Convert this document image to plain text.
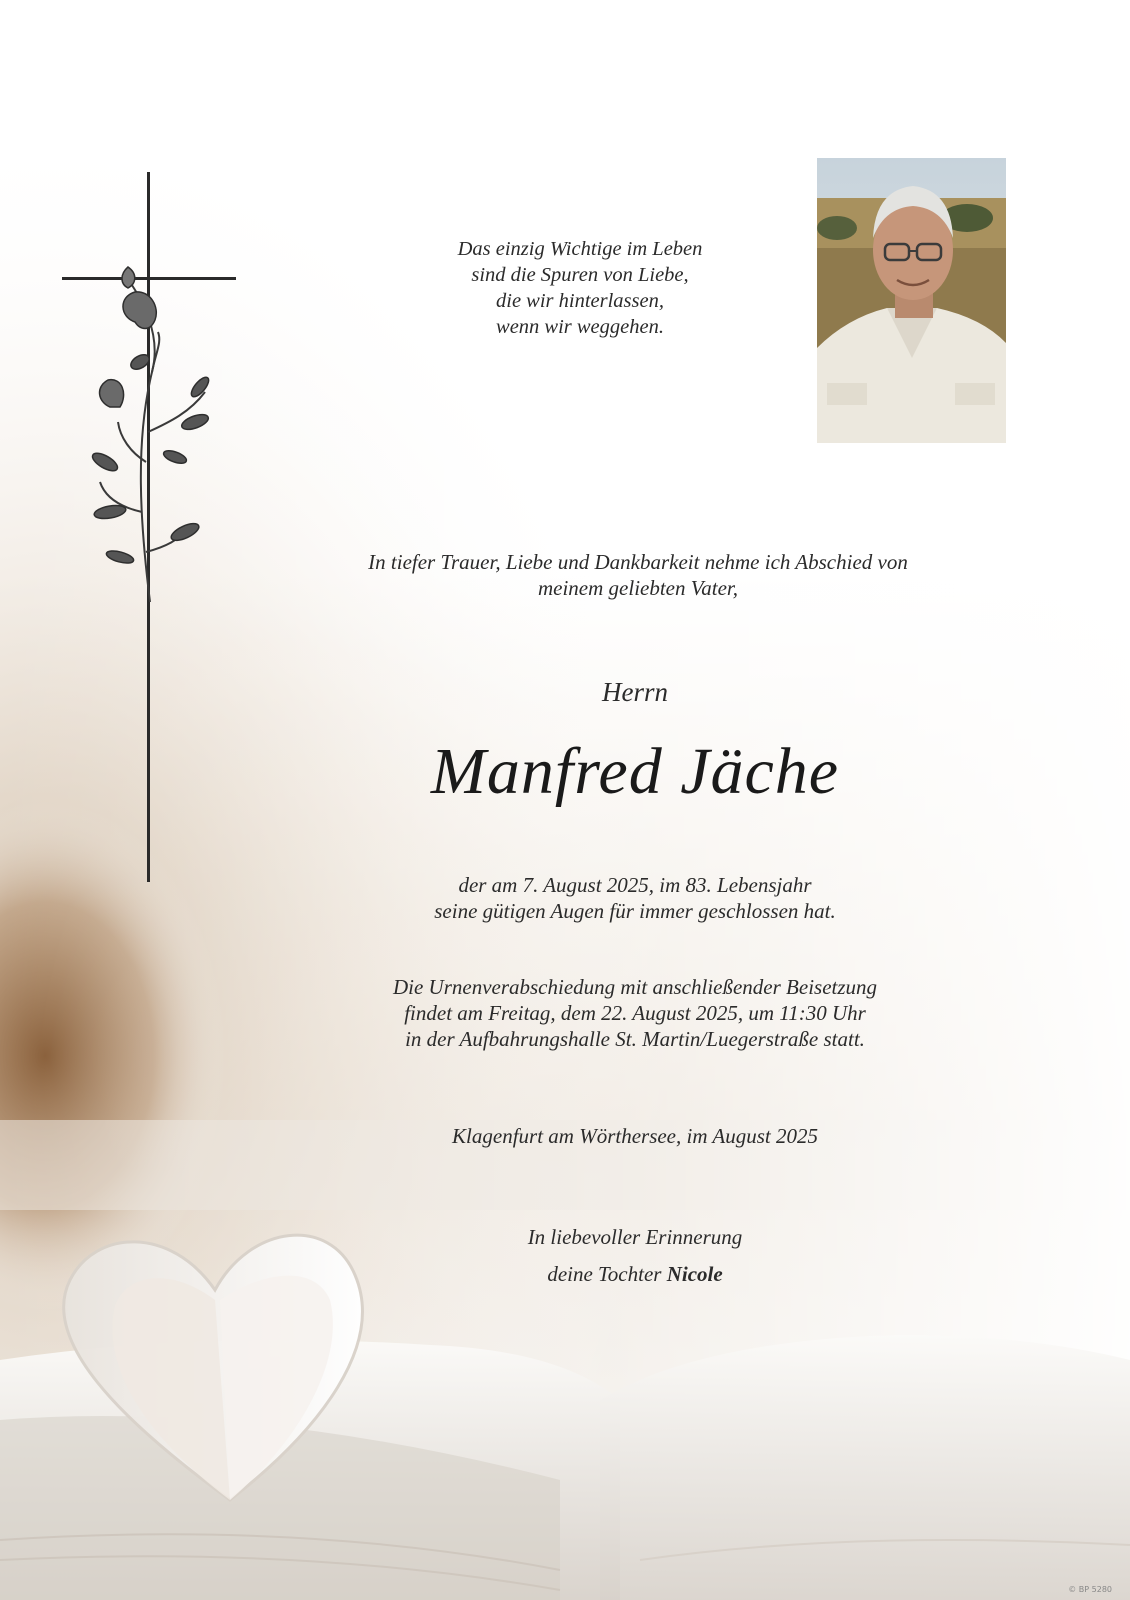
Das einzig Wichtige im Leben
sind die Spuren von Liebe,
die wir hinterlassen,
wenn wir weggehen.
In tiefer Trauer, Liebe und Dankbarkeit nehme ich Abschied von
meinem geliebten Vater,
Herrn
Manfred Jäche
der am 7. August 2025, im 83. Lebensjahr
seine gütigen Augen für immer geschlossen hat.
Die Urnenverabschiedung mit anschließender Beisetzung
findet am Freitag, dem 22. August 2025, um 11:30 Uhr
in der Aufbahrungshalle St. Martin/Luegerstraße statt.
Klagenfurt am Wörthersee, im August 2025
In liebevoller Erinnerung
deine Tochter Nicole
© BP 5280
